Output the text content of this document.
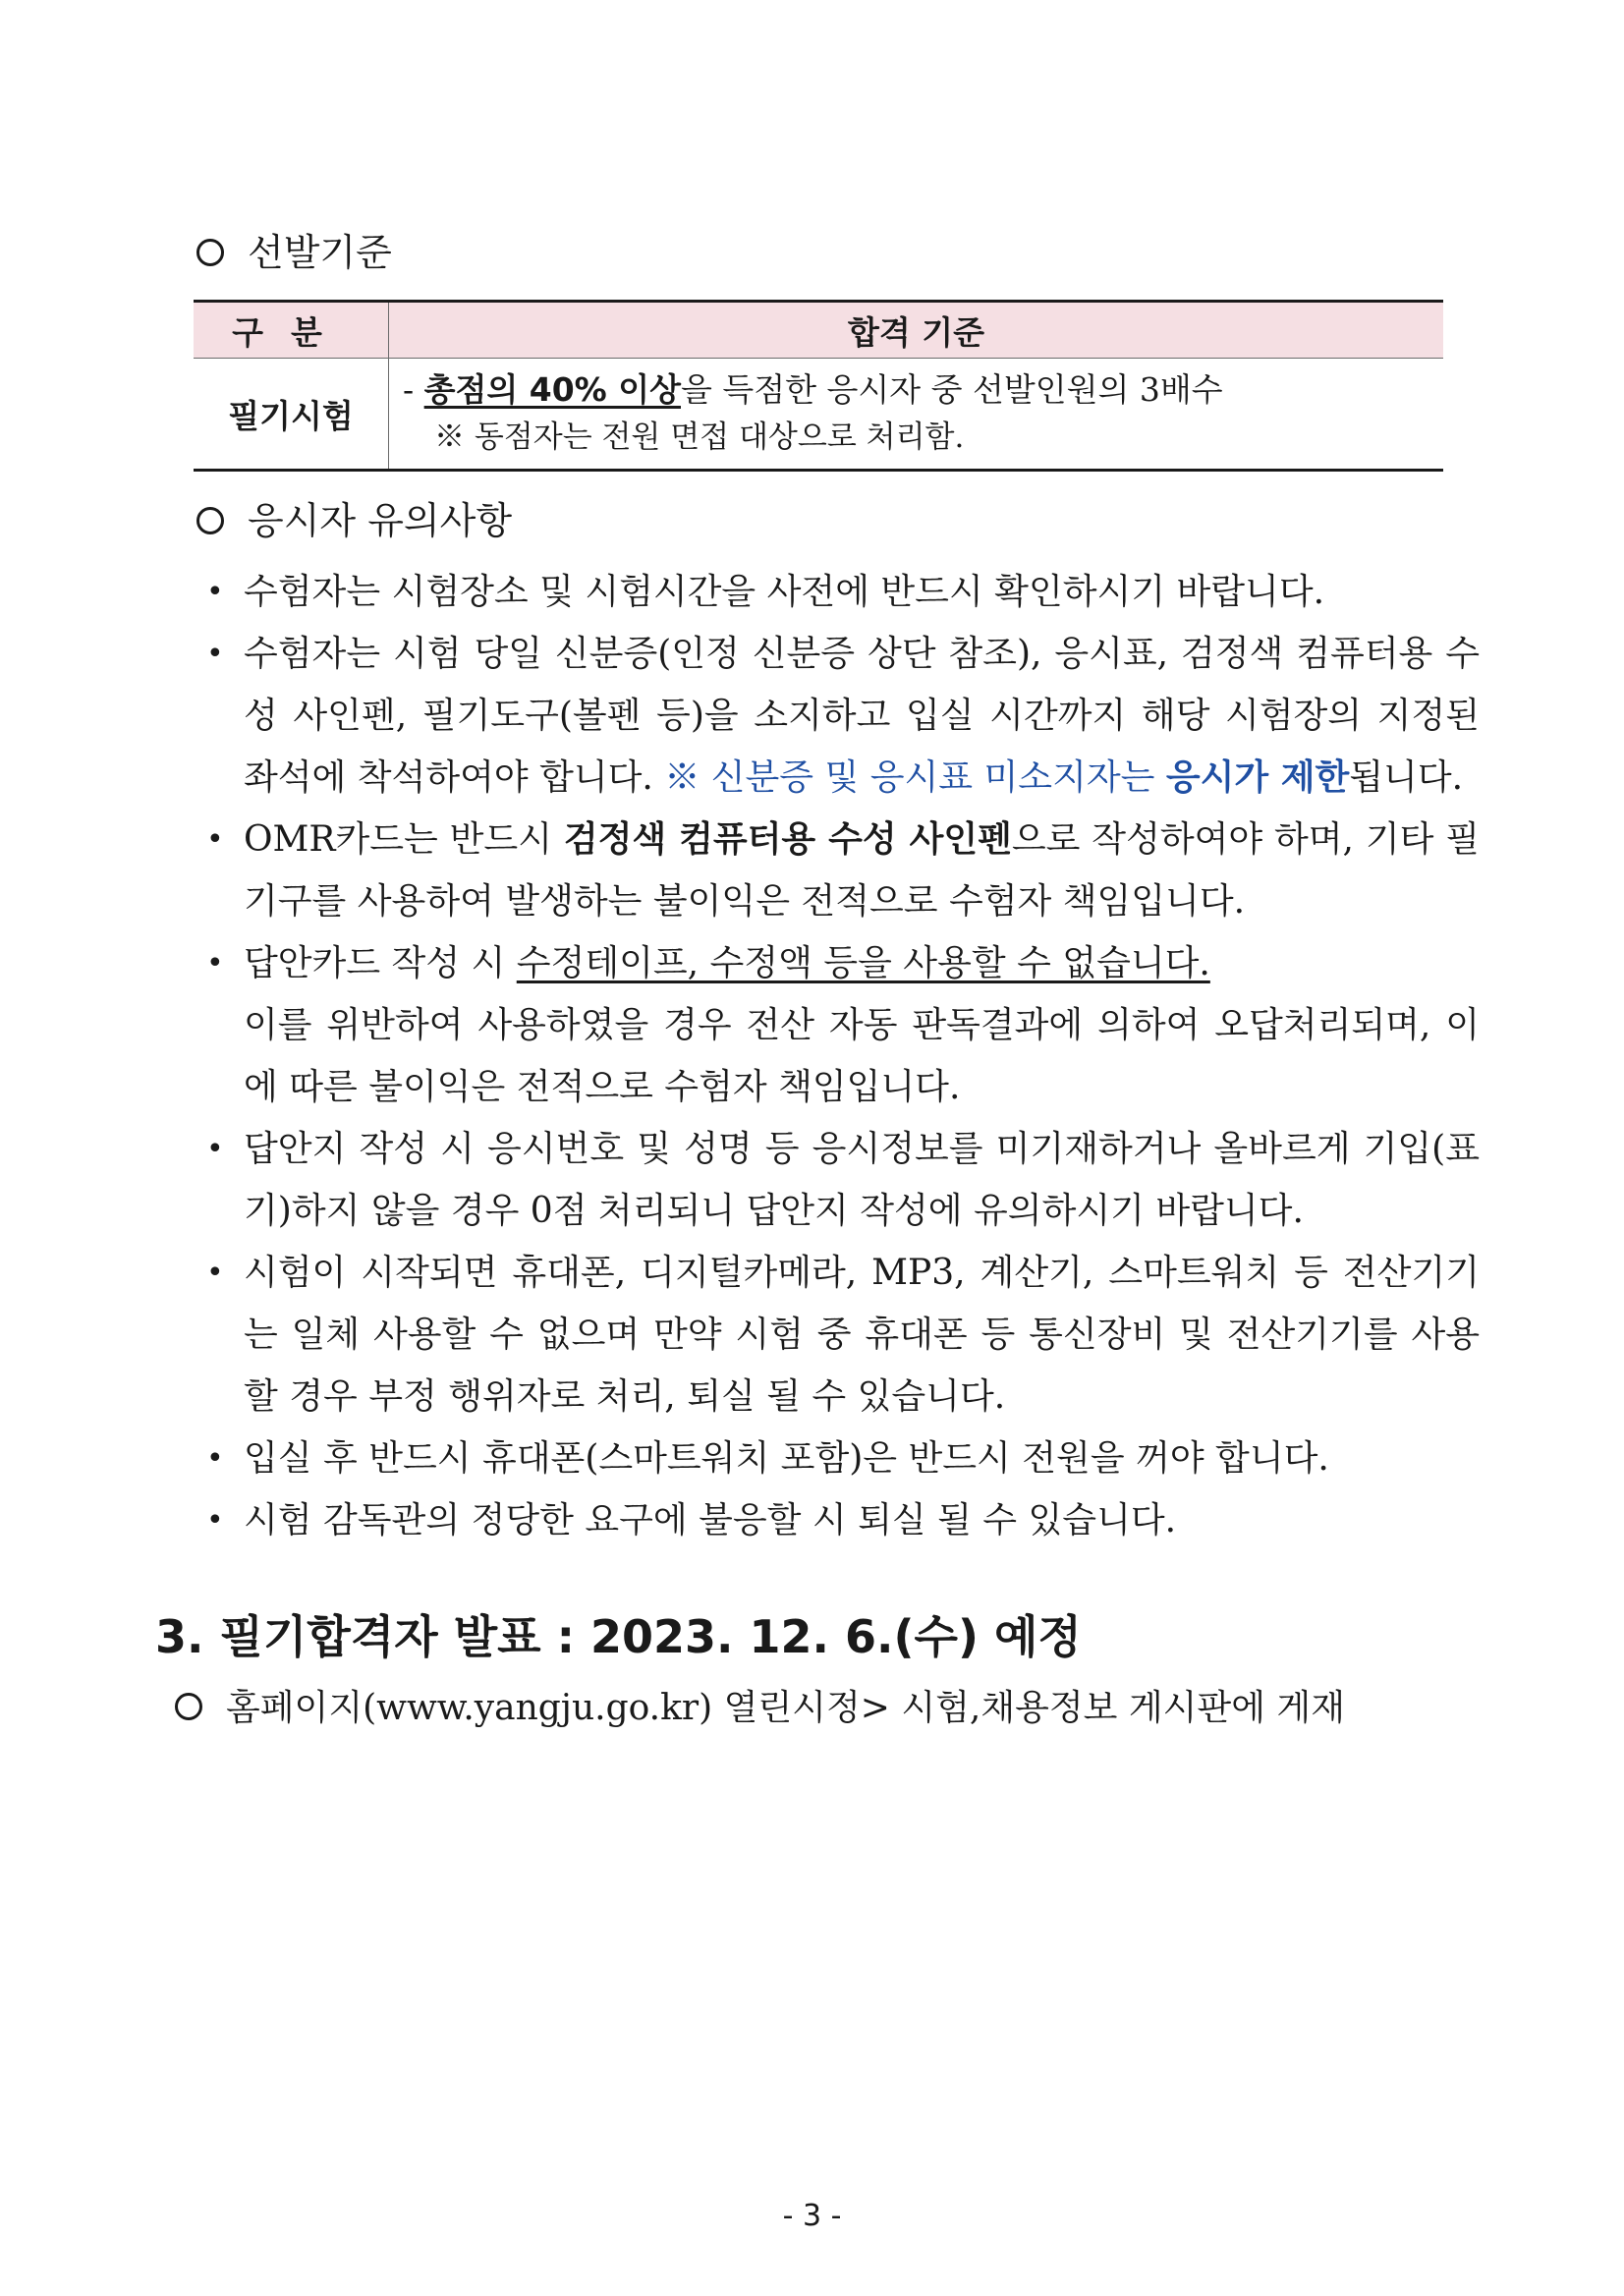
선발기준
구분	합격 기준
필기시험	- 총점의 40% 이상을 득점한 응시자 중 선발인원의 3배수
※ 동점자는 전원 면접 대상으로 처리함.
응시자 유의사항
• 수험자는 시험장소 및 시험시간을 사전에 반드시 확인하시기 바랍니다.
• 수험자는 시험 당일 신분증(인정 신분증 상단 참조), 응시표, 검정색 컴퓨터용 수성 사인펜, 필기도구(볼펜 등)을 소지하고 입실 시간까지 해당 시험장의 지정된 좌석에 착석하여야 합니다. ※ 신분증 및 응시표 미소지자는 응시가 제한됩니다.
• OMR카드는 반드시 검정색 컴퓨터용 수성 사인펜으로 작성하여야 하며, 기타 필기구를 사용하여 발생하는 불이익은 전적으로 수험자 책임입니다.
• 답안카드 작성 시 수정테이프, 수정액 등을 사용할 수 없습니다.
이를 위반하여 사용하였을 경우 전산 자동 판독결과에 의하여 오답처리되며, 이에 따른 불이익은 전적으로 수험자 책임입니다.
• 답안지 작성 시 응시번호 및 성명 등 응시정보를 미기재하거나 올바르게 기입(표기)하지 않을 경우 0점 처리되니 답안지 작성에 유의하시기 바랍니다.
• 시험이 시작되면 휴대폰, 디지털카메라, MP3, 계산기, 스마트워치 등 전산기기는 일체 사용할 수 없으며 만약 시험 중 휴대폰 등 통신장비 및 전산기기를 사용할 경우 부정 행위자로 처리, 퇴실 될 수 있습니다.
• 입실 후 반드시 휴대폰(스마트워치 포함)은 반드시 전원을 꺼야 합니다.
• 시험 감독관의 정당한 요구에 불응할 시 퇴실 될 수 있습니다.
3. 필기합격자 발표 : 2023. 12. 6.(수) 예정
홈페이지(www.yangju.go.kr) 열린시정> 시험,채용정보 게시판에 게재
- 3 -
